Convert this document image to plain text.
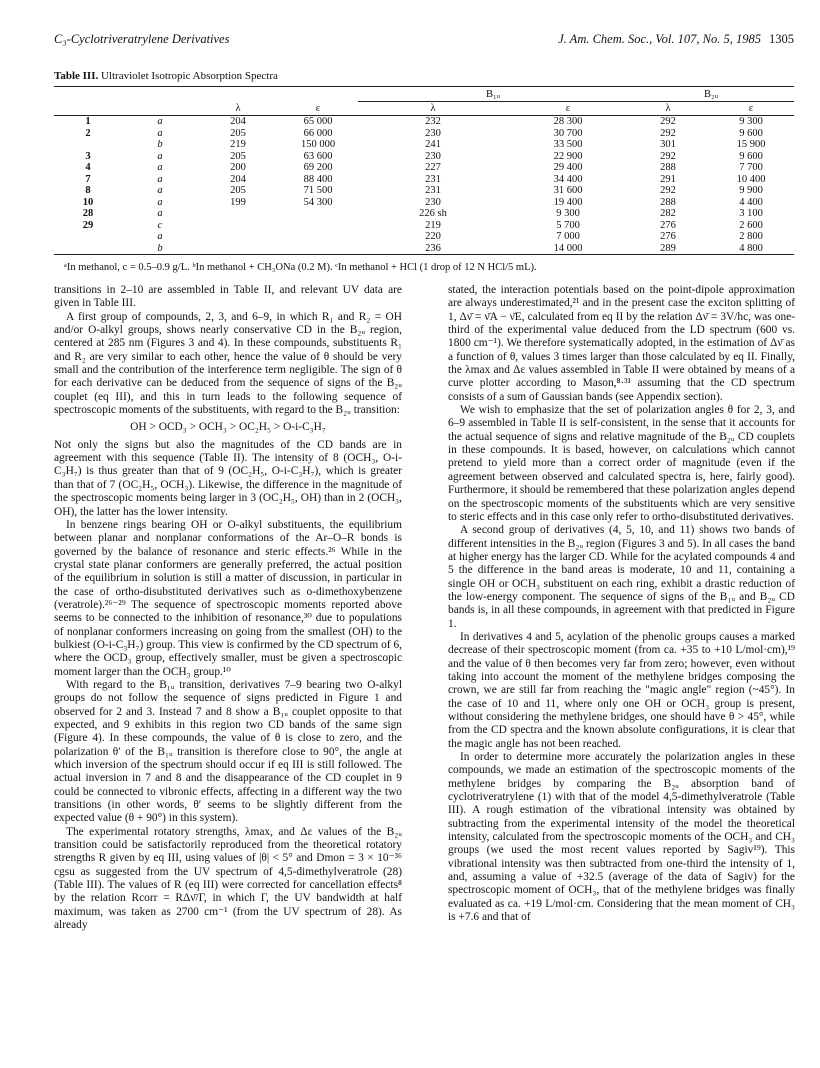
C₃-Cyclotriveratrylene Derivatives	J. Am. Chem. Soc., Vol. 107, No. 5, 1985 1305
Table III. Ultraviolet Isotropic Absorption Spectra

				B₁ᵤ		B₂ᵤ	
		λ	ε	λ	ε	λ	ε
1	a	204	65 000	232	28 300	292	9 300
2	a	205	66 000	230	30 700	292	9 600
	b	219	150 000	241	33 500	301	15 900
3	a	205	63 600	230	22 900	292	9 600
4	a	200	69 200	227	29 400	288	7 700
7	a	204	88 400	231	34 400	291	10 400
8	a	205	71 500	231	31 600	292	9 900
10	a	199	54 300	230	19 400	288	4 400
28	a			226 sh	9 300	282	3 100
29	c			219	5 700	276	2 600
	a			220	7 000	276	2 800
	b			236	14 000	289	4 800
ᵃIn methanol, c = 0.5–0.9 g/L. ᵇIn methanol + CH₃ONa (0.2 M). ᶜIn methanol + HCl (1 drop of 12 N HCl/5 mL).

transitions in 2–10 are assembled in Table II, and relevant UV data are given in Table III.

A first group of compounds, 2, 3, and 6–9, in which R₁ and R₂ = OH and/or O-alkyl groups, shows nearly conservative CD in the B₂ᵤ region, centered at 285 nm (Figures 3 and 4). In these compounds, substituents R₁ and R₂ are very similar to each other, hence the value of θ should be very small and the contribution of the interference term negligible. The sign of θ for each derivative can be deduced from the sequence of signs of the B₂ᵤ couplet (eq III), and this in turn leads to the following sequence of spectroscopic moments of the substituents, with regard to the B₂ᵤ transition:

OH > OCD₃ > OCH₃ > OC₂H₅ > O-i-C₃H₇

Not only the signs but also the magnitudes of the CD bands are in agreement with this sequence (Table II). The intensity of 8 (OCH₃, O-i-C₃H₇) is thus greater than that of 9 (OC₂H₅, O-i-C₃H₇), which is greater than that of 7 (OC₂H₅, OCH₃). Likewise, the difference in the magnitude of the spectroscopic moments being larger in 3 (OC₂H₅, OH) than in 2 (OCH₃, OH), the latter has the lower intensity.

In benzene rings bearing OH or O-alkyl substituents, the equilibrium between planar and nonplanar conformations of the Ar–O–R bonds is governed by the balance of resonance and steric effects.²⁶ While in the crystal state planar conformers are generally preferred, the actual position of the equilibrium in solution is still a matter of discussion, in particular in the case of ortho-disubstituted derivatives such as o-dimethoxybenzene (veratrole).²⁶⁻²⁹ The sequence of spectroscopic moments reported above seems to be connected to the inhibition of resonance,³⁰ due to populations of nonplanar conformers increasing on going from the smallest (OH) to the bulkiest (O-i-C₃H₇) group. This view is confirmed by the CD spectrum of 6, where the OCD₃ group, effectively smaller, must be given a spectroscopic moment larger than the OCH₃ group.¹⁰

With regard to the B₁ᵤ transition, derivatives 7–9 bearing two O-alkyl groups do not follow the sequence of signs predicted in Figure 1 and observed for 2 and 3. Instead 7 and 8 show a B₁ᵤ couplet opposite to that expected, and 9 exhibits in this region two CD bands of the same sign (Figure 4). In these compounds, the value of θ is close to zero, and the polarization θ′ of the B₁ᵤ transition is therefore close to 90°, the angle at which inversion of the spectrum should occur if eq III is still followed. The actual inversion in 7 and 8 and the disappearance of the CD couplet in 9 could be connected to vibronic effects, affecting in a different way the two transitions (in other words, θ′ seems to be slightly different from the expected value (θ + 90°) in this system).

The experimental rotatory strengths, λmax, and Δε values of the B₂ᵤ transition could be satisfactorily reproduced from the theoretical rotatory strengths R given by eq III, using values of |θ| < 5° and Dmon = 3 × 10⁻³⁶ cgsu as suggested from the UV spectrum of 4,5-dimethylveratrole (28) (Table III). The values of R (eq III) were corrected for cancellation effects⁸ by the relation Rcorr = RΔν̄/Γ, in which Γ, the UV bandwidth at half maximum, was taken as 2700 cm⁻¹ (from the UV spectrum of 28). As already

stated, the interaction potentials based on the point-dipole approximation are always underestimated,²¹ and in the present case the exciton splitting of 1, Δν̄ = ν̄A − ν̄E, calculated from eq II by the relation Δν̄ = 3V/hc, was one-third of the experimental value deduced from the LD spectrum (600 vs. 1800 cm⁻¹). We therefore systematically adopted, in the estimation of Δν̄ as a function of θ, values 3 times larger than those calculated by eq II. Finally, the λmax and Δε values assembled in Table II were obtained by means of a curve plotter according to Mason,⁸·³¹ assuming that the CD spectrum consists of a sum of Gaussian bands (see Appendix section).

We wish to emphasize that the set of polarization angles θ for 2, 3, and 6–9 assembled in Table II is self-consistent, in the sense that it accounts for the actual sequence of signs and relative magnitude of the B₂ᵤ CD couplets in these compounds. It is based, however, on calculations which cannot pretend to yield more than a correct order of magnitude (even if the agreement between observed and calculated spectra is, here, fairly good). Furthermore, it should be remembered that these polarization angles depend on the spectroscopic moments of the substituents which are very sensitive to steric effects and in this case only refer to ortho-disubstituted derivatives.

A second group of derivatives (4, 5, 10, and 11) shows two bands of different intensities in the B₂ᵤ region (Figures 3 and 5). In all cases the band at higher energy has the larger CD. While for the acylated compounds 4 and 5 the difference in the band areas is moderate, 10 and 11, containing a single OH or OCH₃ substituent on each ring, exhibit a drastic reduction of the low-energy component. The sequence of signs of the B₁ᵤ and B₂ᵤ CD bands is, in all these compounds, in agreement with that predicted in Figure 1.

In derivatives 4 and 5, acylation of the phenolic groups causes a marked decrease of their spectroscopic moment (from ca. +35 to +10 L/mol·cm),¹⁹ and the value of θ then becomes very far from zero; however, even without taking into account the moment of the methylene bridges composing the crown, we are still far from reaching the "magic angle" region (~45°). In the case of 10 and 11, where only one OH or OCH₃ group is present, without considering the methylene bridges, one should have θ > 45°, while from the CD spectra and the known absolute configurations, it is clear that the magic angle has not been reached.

In order to determine more accurately the polarization angles in these compounds, we made an estimation of the spectroscopic moments of the methylene bridges by comparing the B₂ᵤ absorption band of cyclotriveratrylene (1) with that of the model 4,5-dimethylveratrole (Table III). A rough estimation of the vibrational intensity was obtained by subtracting from the experimental intensity of the model the theoretical intensity, calculated from the spectroscopic moments of the OCH₃ and CH₃ groups (we used the most recent values reported by Sagiv¹⁹). This vibrational intensity was then subtracted from one-third the intensity of 1, and, assuming a value of +32.5 (average of the data of Sagiv) for the spectroscopic moment of OCH₃, that of the methylene bridges was finally evaluated as ca. +19 L/mol·cm. Considering that the mean moment of CH₃ is +7.6 and that of
